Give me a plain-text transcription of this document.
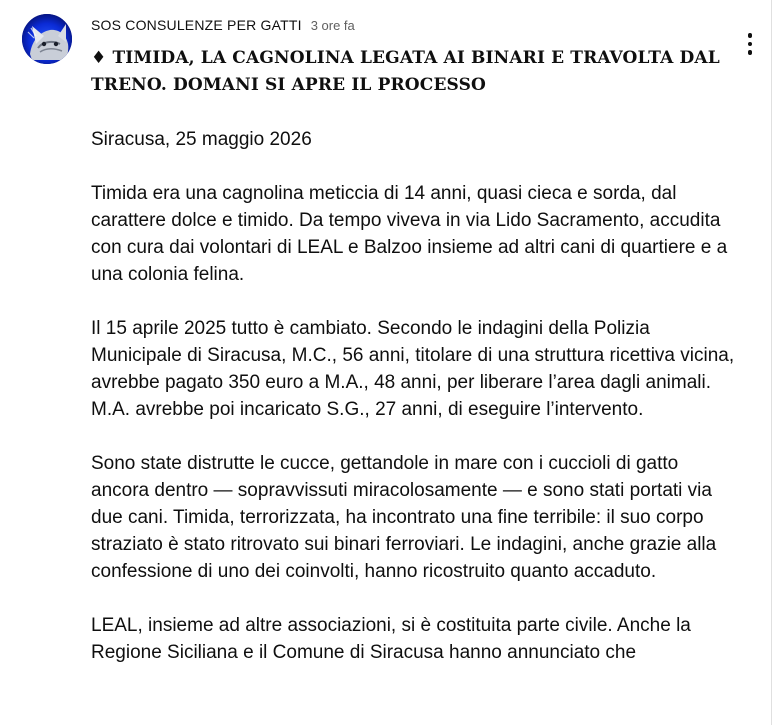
SOS CONSULENZE PER GATTI 3 ore fa
♦ TIMIDA, LA CAGNOLINA LEGATA AI BINARI E TRAVOLTA DAL TRENO. DOMANI SI APRE IL PROCESSO

Siracusa, 25 maggio 2026

Timida era una cagnolina meticcia di 14 anni, quasi cieca e sorda, dal carattere dolce e timido. Da tempo viveva in via Lido Sacramento, accudita con cura dai volontari di LEAL e Balzoo insieme ad altri cani di quartiere e a una colonia felina.

Il 15 aprile 2025 tutto è cambiato. Secondo le indagini della Polizia Municipale di Siracusa, M.C., 56 anni, titolare di una struttura ricettiva vicina, avrebbe pagato 350 euro a M.A., 48 anni, per liberare l’area dagli animali. M.A. avrebbe poi incaricato S.G., 27 anni, di eseguire l’intervento.

Sono state distrutte le cucce, gettandole in mare con i cuccioli di gatto ancora dentro — sopravvissuti miracolosamente — e sono stati portati via due cani. Timida, terrorizzata, ha incontrato una fine terribile: il suo corpo straziato è stato ritrovato sui binari ferroviari. Le indagini, anche grazie alla confessione di uno dei coinvolti, hanno ricostruito quanto accaduto.

LEAL, insieme ad altre associazioni, si è costituita parte civile. Anche la Regione Siciliana e il Comune di Siracusa hanno annunciato che
